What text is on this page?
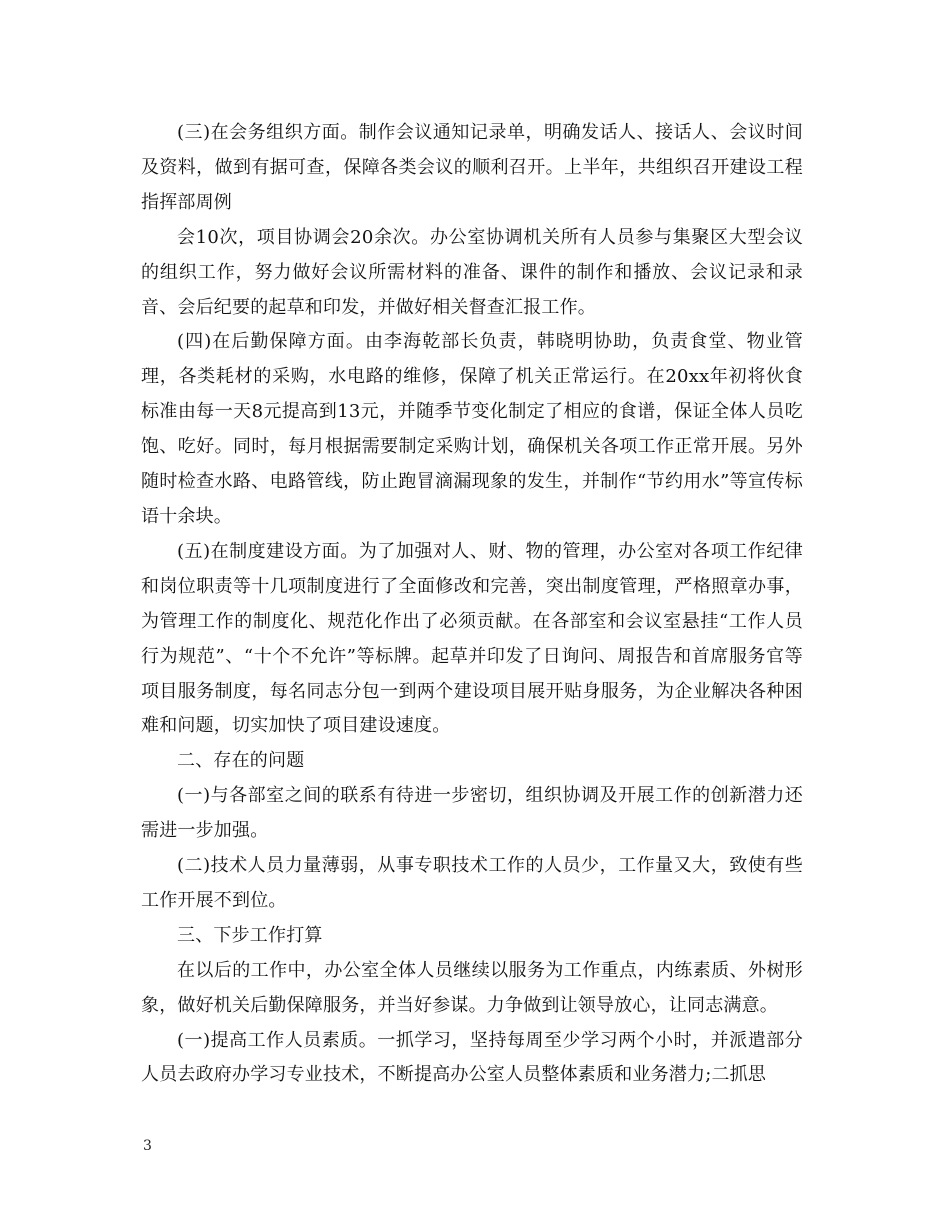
(三)在会务组织方面。制作会议通知记录单，明确发话人、接话人、会议时间及资料，做到有据可查，保障各类会议的顺利召开。上半年，共组织召开建设工程指挥部周例

会10次，项目协调会20余次。办公室协调机关所有人员参与集聚区大型会议的组织工作，努力做好会议所需材料的准备、课件的制作和播放、会议记录和录音、会后纪要的起草和印发，并做好相关督查汇报工作。

(四)在后勤保障方面。由李海乾部长负责，韩晓明协助，负责食堂、物业管理，各类耗材的采购，水电路的维修，保障了机关正常运行。在20xx年初将伙食标准由每一天8元提高到13元，并随季节变化制定了相应的食谱，保证全体人员吃饱、吃好。同时，每月根据需要制定采购计划，确保机关各项工作正常开展。另外随时检查水路、电路管线，防止跑冒滴漏现象的发生，并制作“节约用水”等宣传标语十余块。

(五)在制度建设方面。为了加强对人、财、物的管理，办公室对各项工作纪律和岗位职责等十几项制度进行了全面修改和完善，突出制度管理，严格照章办事，为管理工作的制度化、规范化作出了必须贡献。在各部室和会议室悬挂“工作人员行为规范”、“十个不允许”等标牌。起草并印发了日询问、周报告和首席服务官等项目服务制度，每名同志分包一到两个建设项目展开贴身服务，为企业解决各种困难和问题，切实加快了项目建设速度。

二、存在的问题

(一)与各部室之间的联系有待进一步密切，组织协调及开展工作的创新潜力还需进一步加强。

(二)技术人员力量薄弱，从事专职技术工作的人员少，工作量又大，致使有些工作开展不到位。

三、下步工作打算

在以后的工作中，办公室全体人员继续以服务为工作重点，内练素质、外树形象，做好机关后勤保障服务，并当好参谋。力争做到让领导放心，让同志满意。

(一)提高工作人员素质。一抓学习，坚持每周至少学习两个小时，并派遣部分人员去政府办学习专业技术，不断提高办公室人员整体素质和业务潜力;二抓思

3
